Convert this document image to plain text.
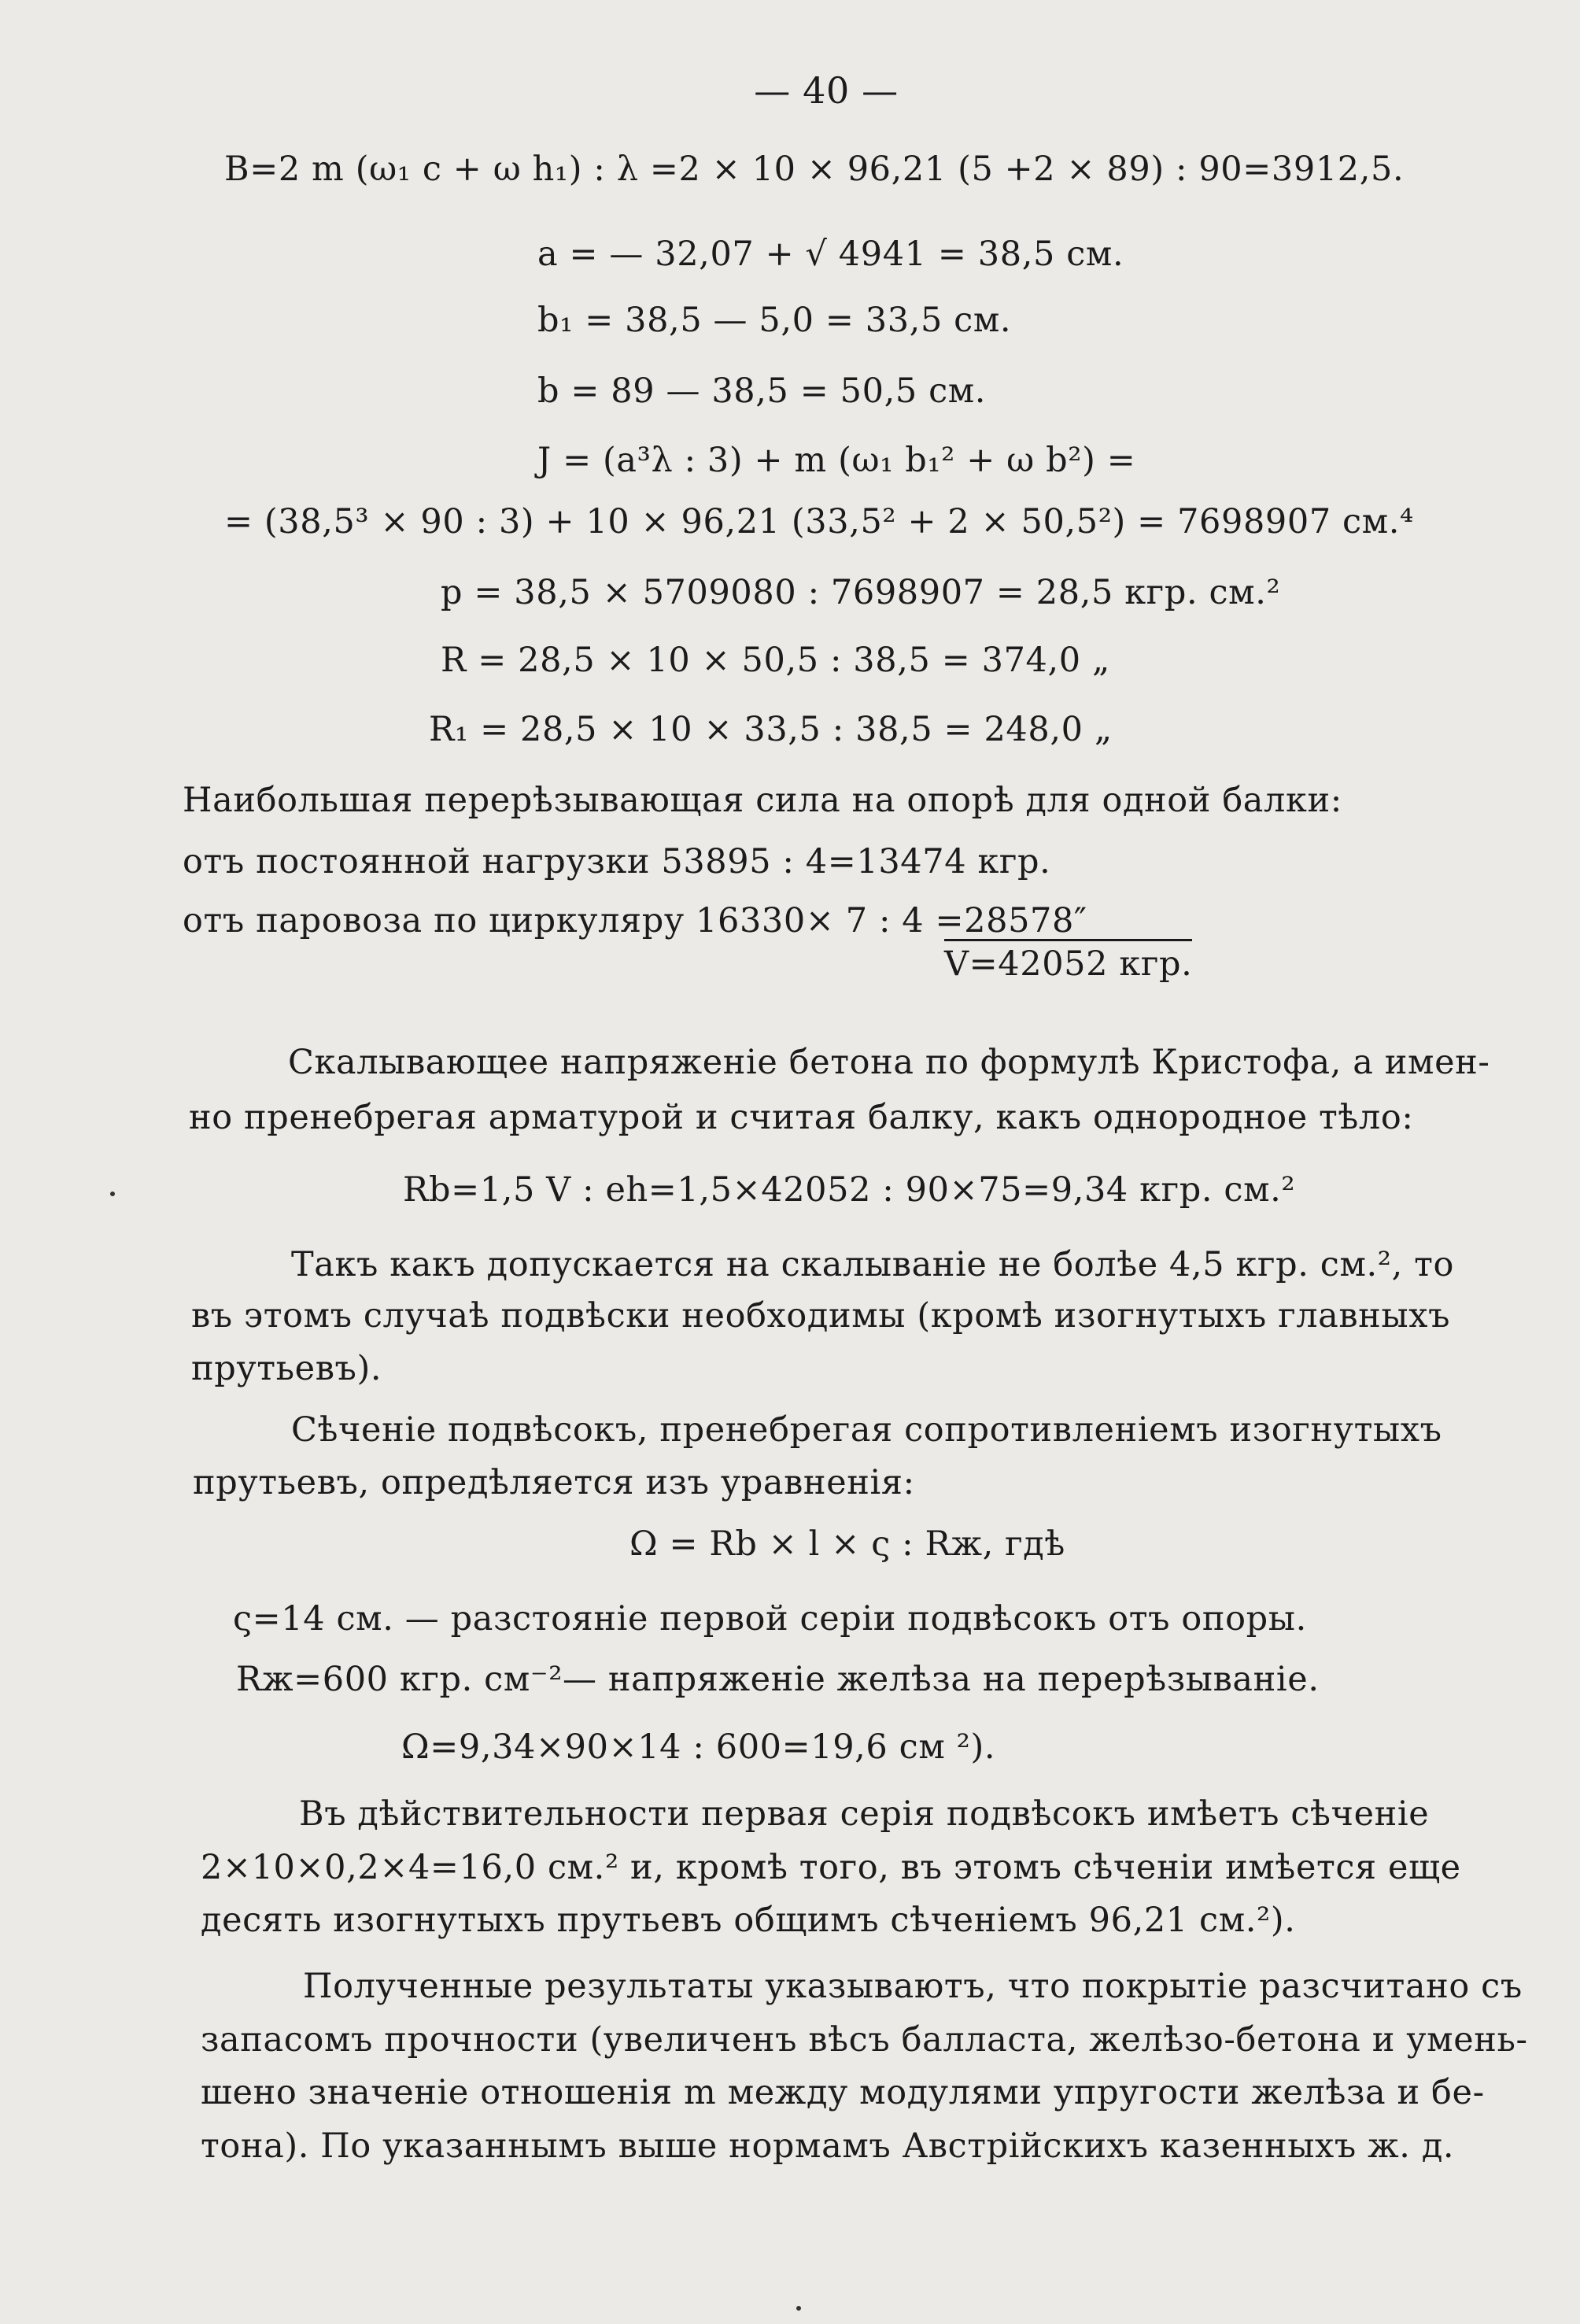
— 40 —
B=2 m (ω₁ c + ω h₁) : λ =2 × 10 × 96,21 (5 +2 × 89) : 90=3912,5.
a = — 32,07 + √ 4941 = 38,5 см.
b₁ = 38,5 — 5,0 = 33,5 см.
b = 89 — 38,5 = 50,5 см.
J = (a³λ : 3) + m (ω₁ b₁² + ω b²) =
= (38,5³ × 90 : 3) + 10 × 96,21 (33,5² + 2 × 50,5²) = 7698907 см.⁴
p = 38,5 × 5709080 : 7698907 = 28,5 кгр. см.²
R = 28,5 × 10 × 50,5 : 38,5 = 374,0 „
R₁ = 28,5 × 10 × 33,5 : 38,5 = 248,0 „
Наибольшая перерѣзывающая сила на опорѣ для одной балки:
отъ постоянной нагрузки 53895 : 4=13474 кгр.
отъ паровоза по циркуляру 16330× 7 : 4 =28578″
V=42052 кгр.
Скалывающее напряженіе бетона по формулѣ Кристофа, а имен-
но пренебрегая арматурой и считая балку, какъ однородное тѣло:
Rb=1,5 V : eh=1,5×42052 : 90×75=9,34 кгр. см.²
Такъ какъ допускается на скалываніе не болѣе 4,5 кгр. см.², то
въ этомъ случаѣ подвѣски необходимы (кромѣ изогнутыхъ главныхъ
прутьевъ).
Сѣченіе подвѣсокъ, пренебрегая сопротивленіемъ изогнутыхъ
прутьевъ, опредѣляется изъ уравненія:
Ω = Rb × l × ς : Rж, гдѣ
ς=14 см. — разстояніе первой серіи подвѣсокъ отъ опоры.
Rж=600 кгр. см⁻²— напряженіе желѣза на перерѣзываніе.
Ω=9,34×90×14 : 600=19,6 см ²).
Въ дѣйствительности первая серія подвѣсокъ имѣетъ сѣченіе
2×10×0,2×4=16,0 см.² и, кромѣ того, въ этомъ сѣченіи имѣется еще
десять изогнутыхъ прутьевъ общимъ сѣченіемъ 96,21 см.²).
Полученные результаты указываютъ, что покрытіе разсчитано съ
запасомъ прочности (увеличенъ вѣсъ балласта, желѣзо-бетона и умень-
шено значеніе отношенія m между модулями упругости желѣза и бе-
тона). По указаннымъ выше нормамъ Австрійскихъ казенныхъ ж. д.
